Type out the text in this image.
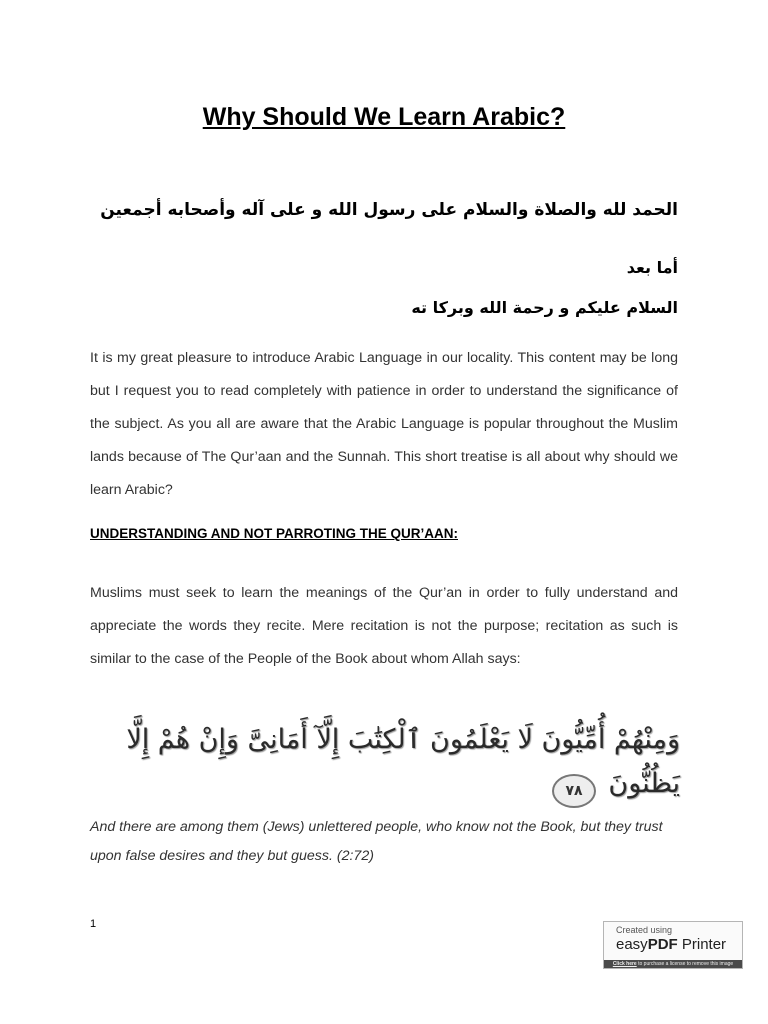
Why Should We Learn Arabic?
الحمد لله والصلاة والسلام على رسول الله و على آله وأصحابه أجمعين
أما بعد
السلام عليكم و رحمة الله وبركا ته

It is my great pleasure to introduce Arabic Language in our locality. This content may be long but I request you to read completely with patience in order to understand the significance of the subject. As you all are aware that the Arabic Language is popular throughout the Muslim lands because of The Qur’aan and the Sunnah. This short treatise is all about why should we learn Arabic?

UNDERSTANDING AND NOT PARROTING THE QUR’AAN:

Muslims must seek to learn the meanings of the Qur’an in order to fully understand and appreciate the words they recite. Mere recitation is not the purpose; recitation as such is similar to the case of the People of the Book about whom Allah says:

وَمِنْهُمْ أُمِّيُّونَ لَا يَعْلَمُونَ ٱلْكِتَٰبَ إِلَّآ أَمَانِىَّ وَإِنْ هُمْ إِلَّا
يَظُنُّونَ
٧٨

And there are among them (Jews) unlettered people, who know not the Book, but they trust upon false desires and they but guess. (2:72)

1	Created using
easyPDF Printer
Click here to purchase a license to remove this image
